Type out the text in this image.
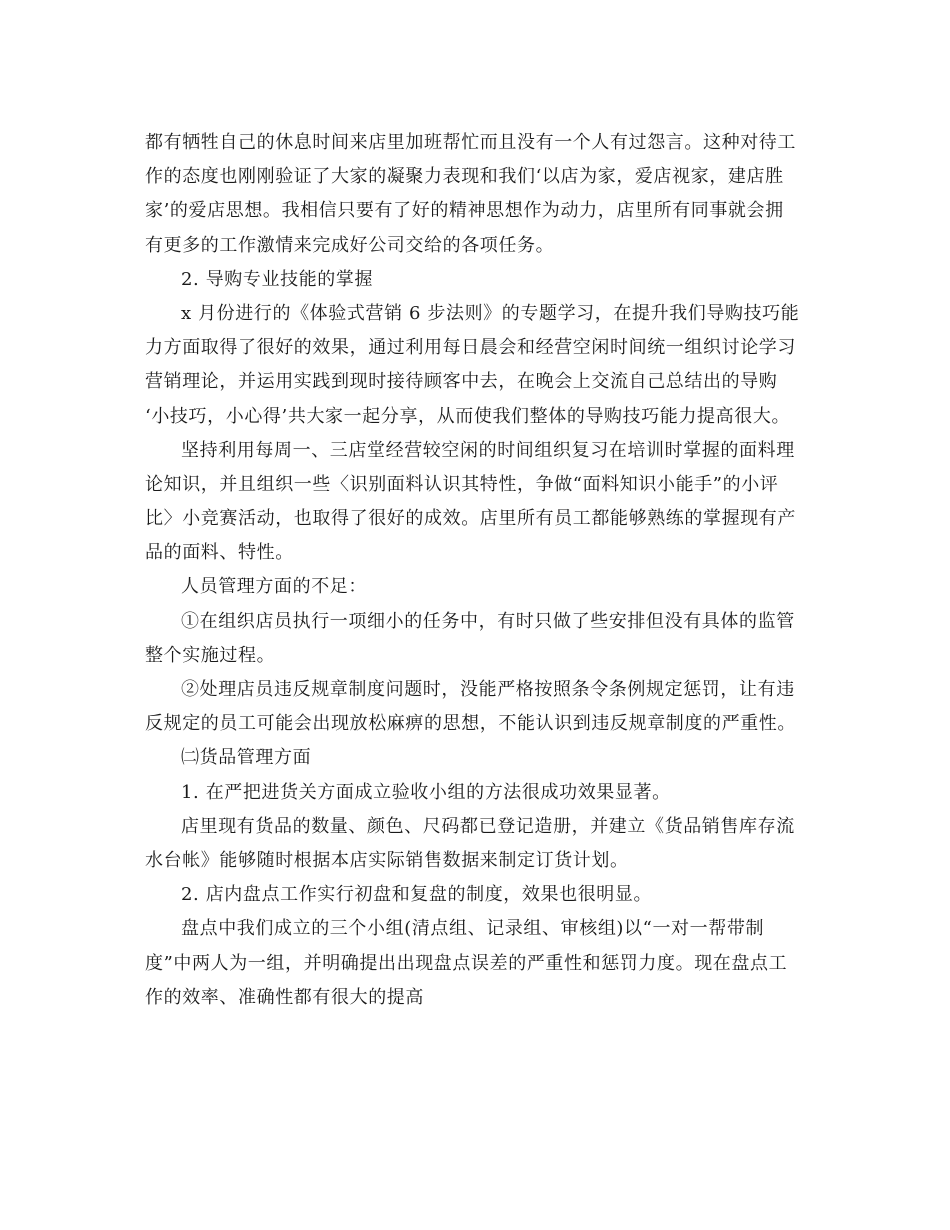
都有牺牲自己的休息时间来店里加班帮忙而且没有一个人有过怨言。这种对待工
作的态度也刚刚验证了大家的凝聚力表现和我们‘以店为家，爱店视家，建店胜
家’的爱店思想。我相信只要有了好的精神思想作为动力，店里所有同事就会拥
有更多的工作激情来完成好公司交给的各项任务。
2. 导购专业技能的掌握
x 月份进行的《体验式营销 6 步法则》的专题学习，在提升我们导购技巧能
力方面取得了很好的效果，通过利用每日晨会和经营空闲时间统一组织讨论学习
营销理论，并运用实践到现时接待顾客中去，在晚会上交流自己总结出的导购
‘小技巧，小心得’共大家一起分享，从而使我们整体的导购技巧能力提高很大。
坚持利用每周一、三店堂经营较空闲的时间组织复习在培训时掌握的面料理
论知识，并且组织一些〈识别面料认识其特性，争做“面料知识小能手”的小评
比〉小竞赛活动，也取得了很好的成效。店里所有员工都能够熟练的掌握现有产
品的面料、特性。
人员管理方面的不足：
①在组织店员执行一项细小的任务中，有时只做了些安排但没有具体的监管
整个实施过程。
②处理店员违反规章制度问题时，没能严格按照条令条例规定惩罚，让有违
反规定的员工可能会出现放松麻痹的思想，不能认识到违反规章制度的严重性。
㈡货品管理方面
1. 在严把进货关方面成立验收小组的方法很成功效果显著。
店里现有货品的数量、颜色、尺码都已登记造册，并建立《货品销售库存流
水台帐》能够随时根据本店实际销售数据来制定订货计划。
2. 店内盘点工作实行初盘和复盘的制度，效果也很明显。
盘点中我们成立的三个小组(清点组、记录组、审核组)以“一对一帮带制
度”中两人为一组，并明确提出出现盘点误差的严重性和惩罚力度。现在盘点工
作的效率、准确性都有很大的提高
